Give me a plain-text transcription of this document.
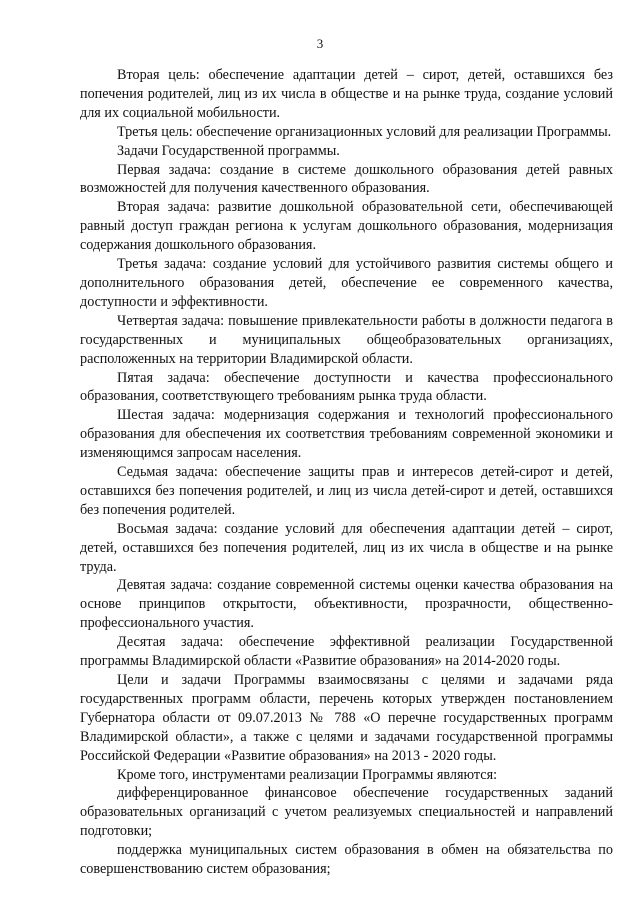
3

Вторая цель: обеспечение адаптации детей – сирот, детей, оставшихся без попечения родителей, лиц из их числа в обществе и на рынке труда, создание условий для их социальной мобильности.

Третья цель: обеспечение организационных условий для реализации Программы.

Задачи Государственной программы.

Первая задача: создание в системе дошкольного образования детей равных возможностей для получения качественного образования.

Вторая задача: развитие дошкольной образовательной сети, обеспечивающей равный доступ граждан региона к услугам дошкольного образования, модернизация содержания дошкольного образования.

Третья задача: создание условий для устойчивого развития системы общего и дополнительного образования детей, обеспечение ее современного качества, доступности и эффективности.

Четвертая задача: повышение привлекательности работы в должности педагога в государственных и муниципальных общеобразовательных организациях, расположенных на территории Владимирской области.

Пятая задача: обеспечение доступности и качества профессионального образования, соответствующего требованиям рынка труда области.

Шестая задача: модернизация содержания и технологий профессионального образования для обеспечения их соответствия требованиям современной экономики и изменяющимся запросам населения.

Седьмая задача: обеспечение защиты прав и интересов детей-сирот и детей, оставшихся без попечения родителей, и лиц из числа детей-сирот и детей, оставшихся без попечения родителей.

Восьмая задача: создание условий для обеспечения адаптации детей – сирот, детей, оставшихся без попечения родителей, лиц из их числа в обществе и на рынке труда.

Девятая задача: создание современной системы оценки качества образования на основе принципов открытости, объективности, прозрачности, общественно-профессионального участия.

Десятая задача: обеспечение эффективной реализации Государственной программы Владимирской области «Развитие образования» на 2014-2020 годы.

Цели и задачи Программы взаимосвязаны с целями и задачами ряда государственных программ области, перечень которых утвержден постановлением Губернатора области от 09.07.2013 № 788 «О перечне государственных программ Владимирской области», а также с целями и задачами государственной программы Российской Федерации «Развитие образования» на 2013 - 2020 годы.

Кроме того, инструментами реализации Программы являются:

дифференцированное финансовое обеспечение государственных заданий образовательных организаций с учетом реализуемых специальностей и направлений подготовки;

поддержка муниципальных систем образования в обмен на обязательства по совершенствованию систем образования;
